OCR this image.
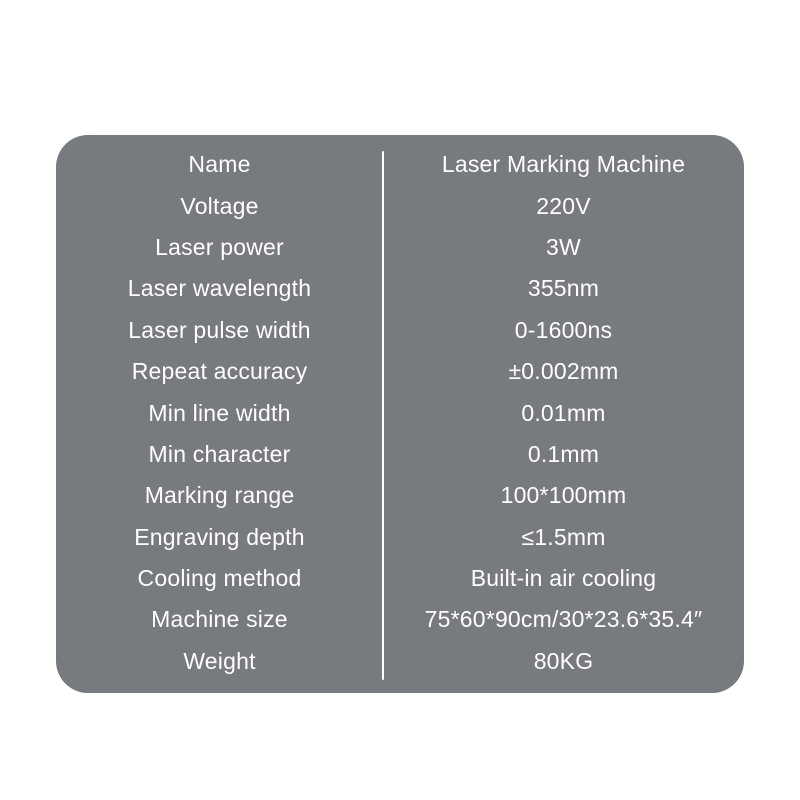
Name	Laser Marking Machine
Voltage	220V
Laser power	3W
Laser wavelength	355nm
Laser pulse width	0-1600ns
Repeat accuracy	±0.002mm
Min line width	0.01mm
Min character	0.1mm
Marking range	100*100mm
Engraving depth	≤1.5mm
Cooling method	Built-in air cooling
Machine size	75*60*90cm/30*23.6*35.4″
Weight	80KG
